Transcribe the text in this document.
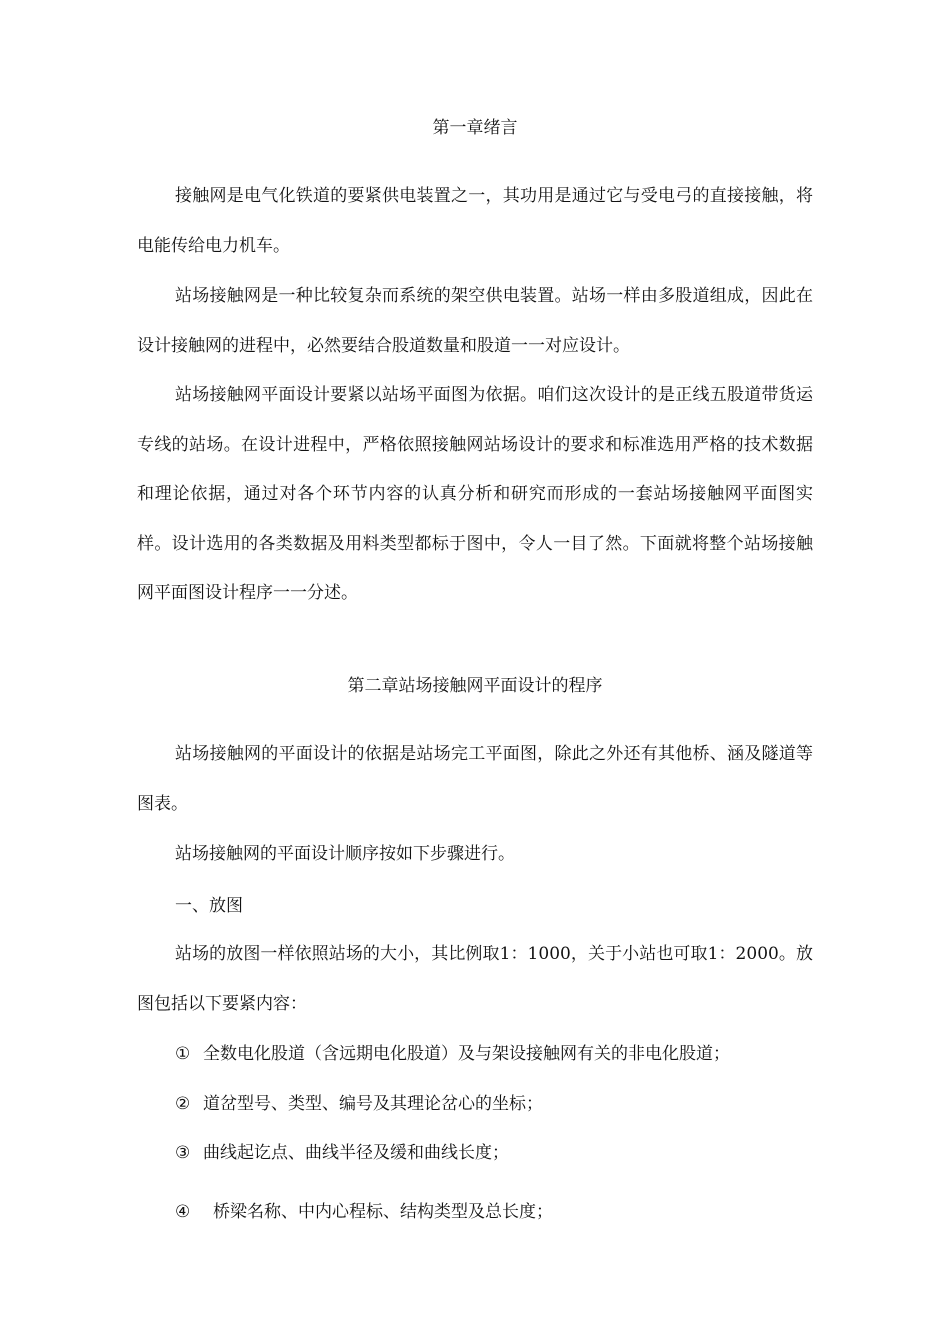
第一章绪言

接触网是电气化铁道的要紧供电装置之一，其功用是通过它与受电弓的直接接触，将电能传给电力机车。

站场接触网是一种比较复杂而系统的架空供电装置。站场一样由多股道组成，因此在设计接触网的进程中，必然要结合股道数量和股道一一对应设计。

站场接触网平面设计要紧以站场平面图为依据。咱们这次设计的是正线五股道带货运专线的站场。在设计进程中，严格依照接触网站场设计的要求和标准选用严格的技术数据和理论依据，通过对各个环节内容的认真分析和研究而形成的一套站场接触网平面图实样。设计选用的各类数据及用料类型都标于图中，令人一目了然。下面就将整个站场接触网平面图设计程序一一分述。

第二章站场接触网平面设计的程序

站场接触网的平面设计的依据是站场完工平面图，除此之外还有其他桥、涵及隧道等图表。

站场接触网的平面设计顺序按如下步骤进行。

一、放图

站场的放图一样依照站场的大小，其比例取1：1000，关于小站也可取1：2000。放图包括以下要紧内容：

① 全数电化股道（含远期电化股道）及与架设接触网有关的非电化股道；
② 道岔型号、类型、编号及其理论岔心的坐标；
③ 曲线起讫点、曲线半径及缓和曲线长度；
④ 桥梁名称、中内心程标、结构类型及总长度；
